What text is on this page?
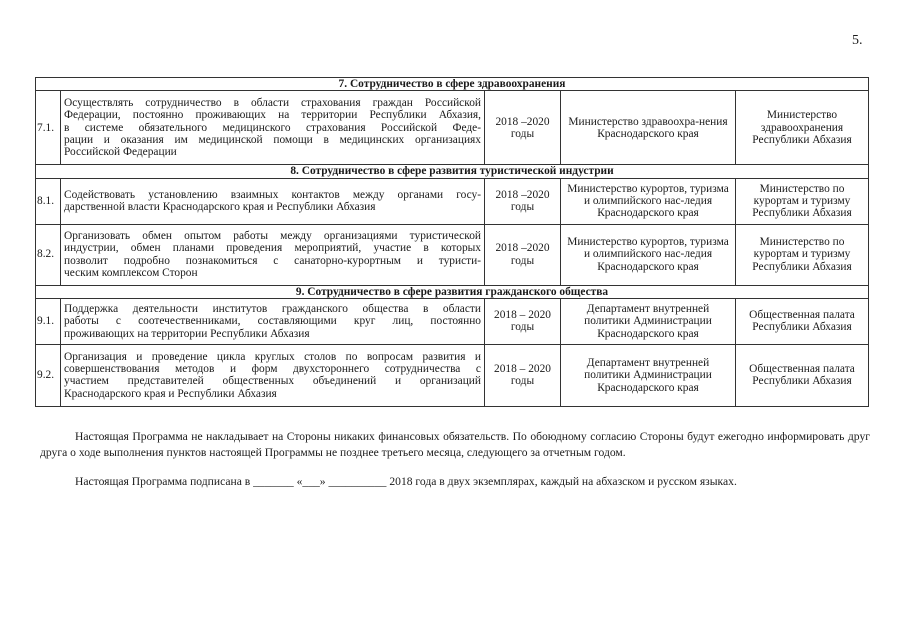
5.
7. Сотрудничество в сфере здравоохранения				
7.1.	Осуществлять сотрудничество в области страхования граждан Российской
Федерации, постоянно проживающих на территории Республики Абхазия,
в системе обязательного медицинского страхования Российской Феде-
рации и оказания им медицинской помощи в медицинских организациях
Российской Федерации	2018 –2020 годы	Министерство здравоохра-нения Краснодарского края	Министерство здравоохранения Республики Абхазия
8. Сотрудничество в сфере развития туристической индустрии				
8.1.	Содействовать установлению взаимных контактов между органами госу-
дарственной власти Краснодарского края и Республики Абхазия	2018 –2020 годы	Министерство курортов, туризма и олимпийского нас-ледия Краснодарского края	Министерство по курортам и туризму Республики Абхазия
8.2.	Организовать обмен опытом работы между организациями туристической
индустрии, обмен планами проведения мероприятий, участие в которых
позволит подробно познакомиться с санаторно-курортным и туристи-
ческим комплексом Сторон	2018 –2020 годы	Министерство курортов, туризма и олимпийского нас-ледия Краснодарского края	Министерство по курортам и туризму Республики Абхазия
9. Сотрудничество в сфере развития гражданского общества				
9.1.	Поддержка деятельности институтов гражданского общества в области
работы с соотечественниками, составляющими круг лиц, постоянно
проживающих на территории Республики Абхазия	2018 – 2020 годы	Департамент внутренней политики Администрации Краснодарского края	Общественная палата Республики Абхазия
9.2.	Организация и проведение цикла круглых столов по вопросам развития и
совершенствования методов и форм двухстороннего сотрудничества с
участием представителей общественных объединений и организаций
Краснодарского края и Республики Абхазия	2018 – 2020 годы	Департамент внутренней политики Администрации Краснодарского края	Общественная палата Республики Абхазия
Настоящая Программа не накладывает на Стороны никаких финансовых обязательств. По обоюдному согласию Стороны будут ежегодно информировать друг друга о ходе выполнения пунктов настоящей Программы не позднее третьего месяца, следующего за отчетным годом.
Настоящая Программа подписана в _______ «___» __________ 2018 года в двух экземплярах, каждый на абхазском и русском языках.
